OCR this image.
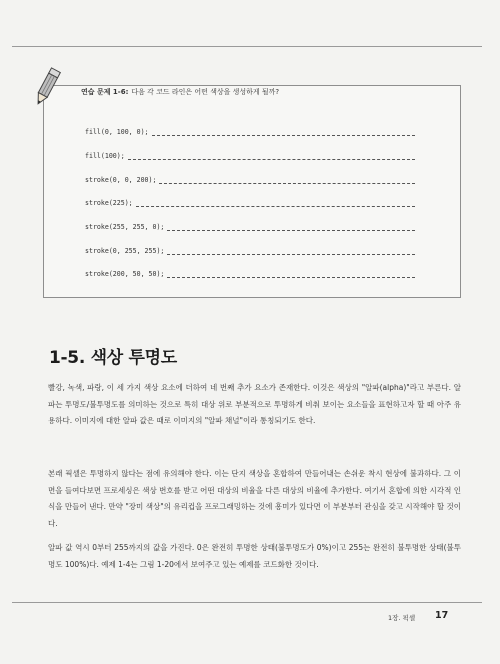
연습 문제 1-6: 다음 각 코드 라인은 어떤 색상을 생성하게 될까?
fill(0, 100, 0);
fill(100);
stroke(0, 0, 200);
stroke(225);
stroke(255, 255, 0);
stroke(0, 255, 255);
stroke(200, 50, 50);
1-5. 색상 투명도

빨강, 녹색, 파랑, 이 세 가지 색상 요소에 더하여 네 번째 추가 요소가 존재한다. 이것은 색상의 "알파(alpha)"라고 부른다. 알파는 투명도/불투명도를 의미하는 것으로 특히 대상 위로 부분적으로 투명하게 비춰 보이는 요소들을 표현하고자 할 때 아주 유용하다. 이미지에 대한 알파 값은 때로 이미지의 "알파 채널"이라 통칭되기도 한다.

본래 픽셀은 투명하지 않다는 점에 유의해야 한다. 이는 단지 색상을 혼합하여 만들어내는 손쉬운 착시 현상에 불과하다. 그 이면을 들여다보면 프로세싱은 색상 번호를 받고 어떤 대상의 비율을 다른 대상의 비율에 추가한다. 여기서 혼합에 의한 시각적 인식을 만들어 낸다. 만약 "장미 색상"의 유리컵을 프로그래밍하는 것에 흥미가 있다면 이 부분부터 관심을 갖고 시작해야 할 것이다.

알파 값 역시 0부터 255까지의 값을 가진다. 0은 완전히 투명한 상태(불투명도가 0%)이고 255는 완전히 불투명한 상태(불투명도 100%)다. 예제 1-4는 그림 1-20에서 보여주고 있는 예제를 코드화한 것이다.

1장. 픽셀 17
